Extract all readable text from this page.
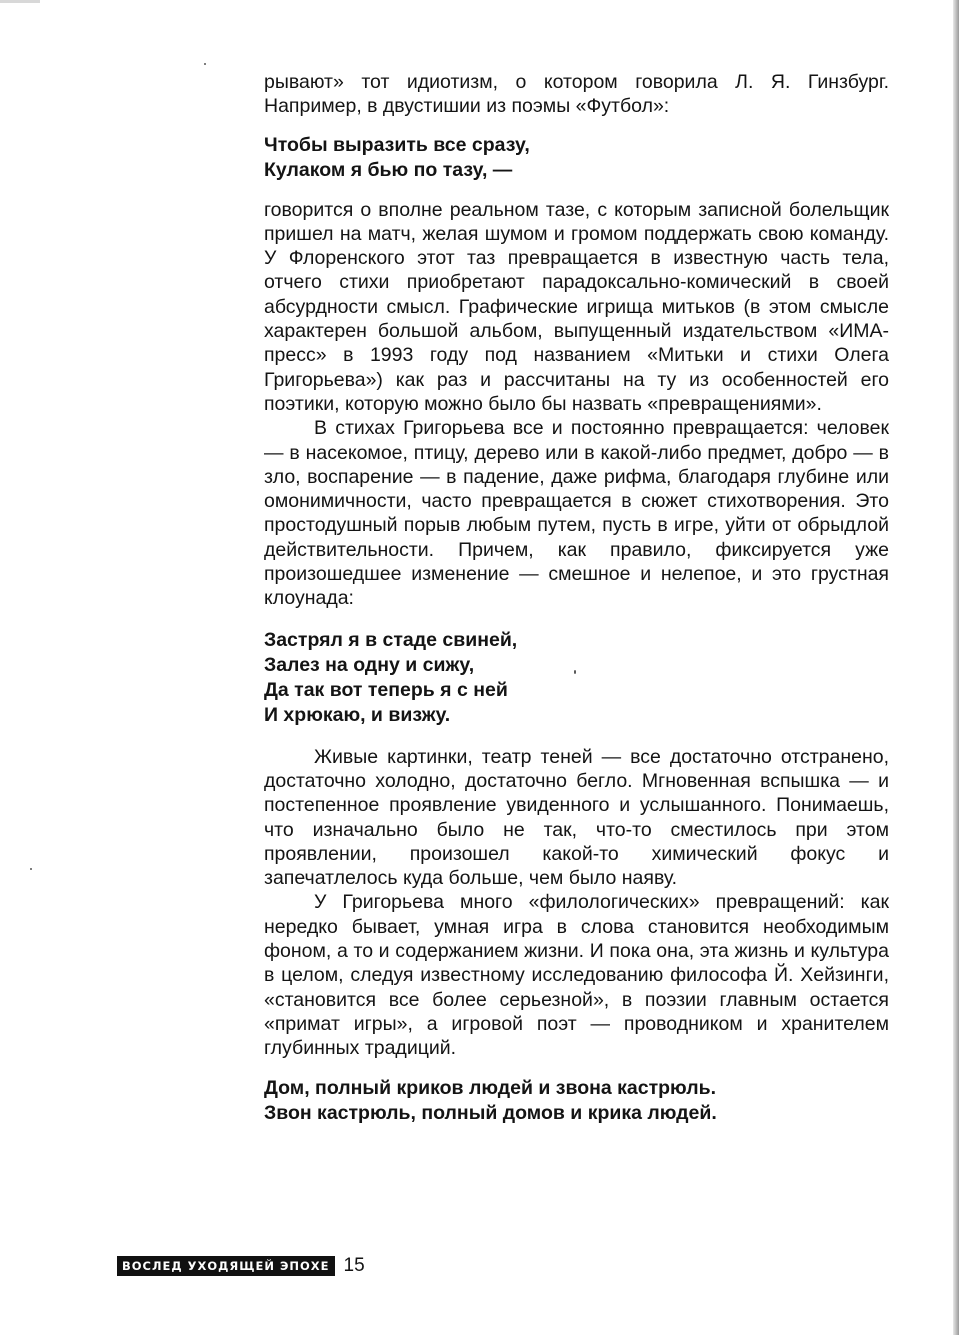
рывают» тот идиотизм, о котором говорила Л. Я. Гинзбург. Например, в двустишии из поэмы «Футбол»:

Чтобы выразить все сразу,
Кулаком я бью по тазу, —

говорится о вполне реальном тазе, с которым записной болельщик пришел на матч, желая шумом и громом поддержать свою команду. У Флоренского этот таз превращается в известную часть тела, отчего стихи приобретают парадоксально-комический в своей абсурдности смысл. Графические игрища митьков (в этом смысле характерен большой альбом, выпущенный издательством «ИМА-пресс» в 1993 году под названием «Митьки и стихи Олега Григорьева») как раз и рассчитаны на ту из особенностей его поэтики, которую можно было бы назвать «превращениями».

В стихах Григорьева все и постоянно превращается: человек — в насекомое, птицу, дерево или в какой-либо предмет, добро — в зло, воспарение — в падение, даже рифма, благодаря глубине или омонимичности, часто превращается в сюжет стихотворения. Это простодушный порыв любым путем, пусть в игре, уйти от обрыдлой действительности. Причем, как правило, фиксируется уже произошедшее изменение — смешное и нелепое, и это грустная клоунада:

Застрял я в стаде свиней,
Залез на одну и сижу,
Да так вот теперь я с ней
И хрюкаю, и визжу.

Живые картинки, театр теней — все достаточно отстранено, достаточно холодно, достаточно бегло. Мгновенная вспышка — и постепенное проявление увиденного и услышанного. Понимаешь, что изначально было не так, что-то сместилось при этом проявлении, произошел какой-то химический фокус и запечатлелось куда больше, чем было наяву.

У Григорьева много «филологических» превращений: как нередко бывает, умная игра в слова становится необходимым фоном, а то и содержанием жизни. И пока она, эта жизнь и культура в целом, следуя известному исследованию философа Й. Хейзинги, «становится все более серьезной», в поэзии главным остается «примат игры», а игровой поэт — проводником и хранителем глубинных традиций.

Дом, полный криков людей и звона кастрюль.
Звон кастрюль, полный домов и крика людей.
ВОСЛЕД УХОДЯЩЕЙ ЭПОХЕ 15
